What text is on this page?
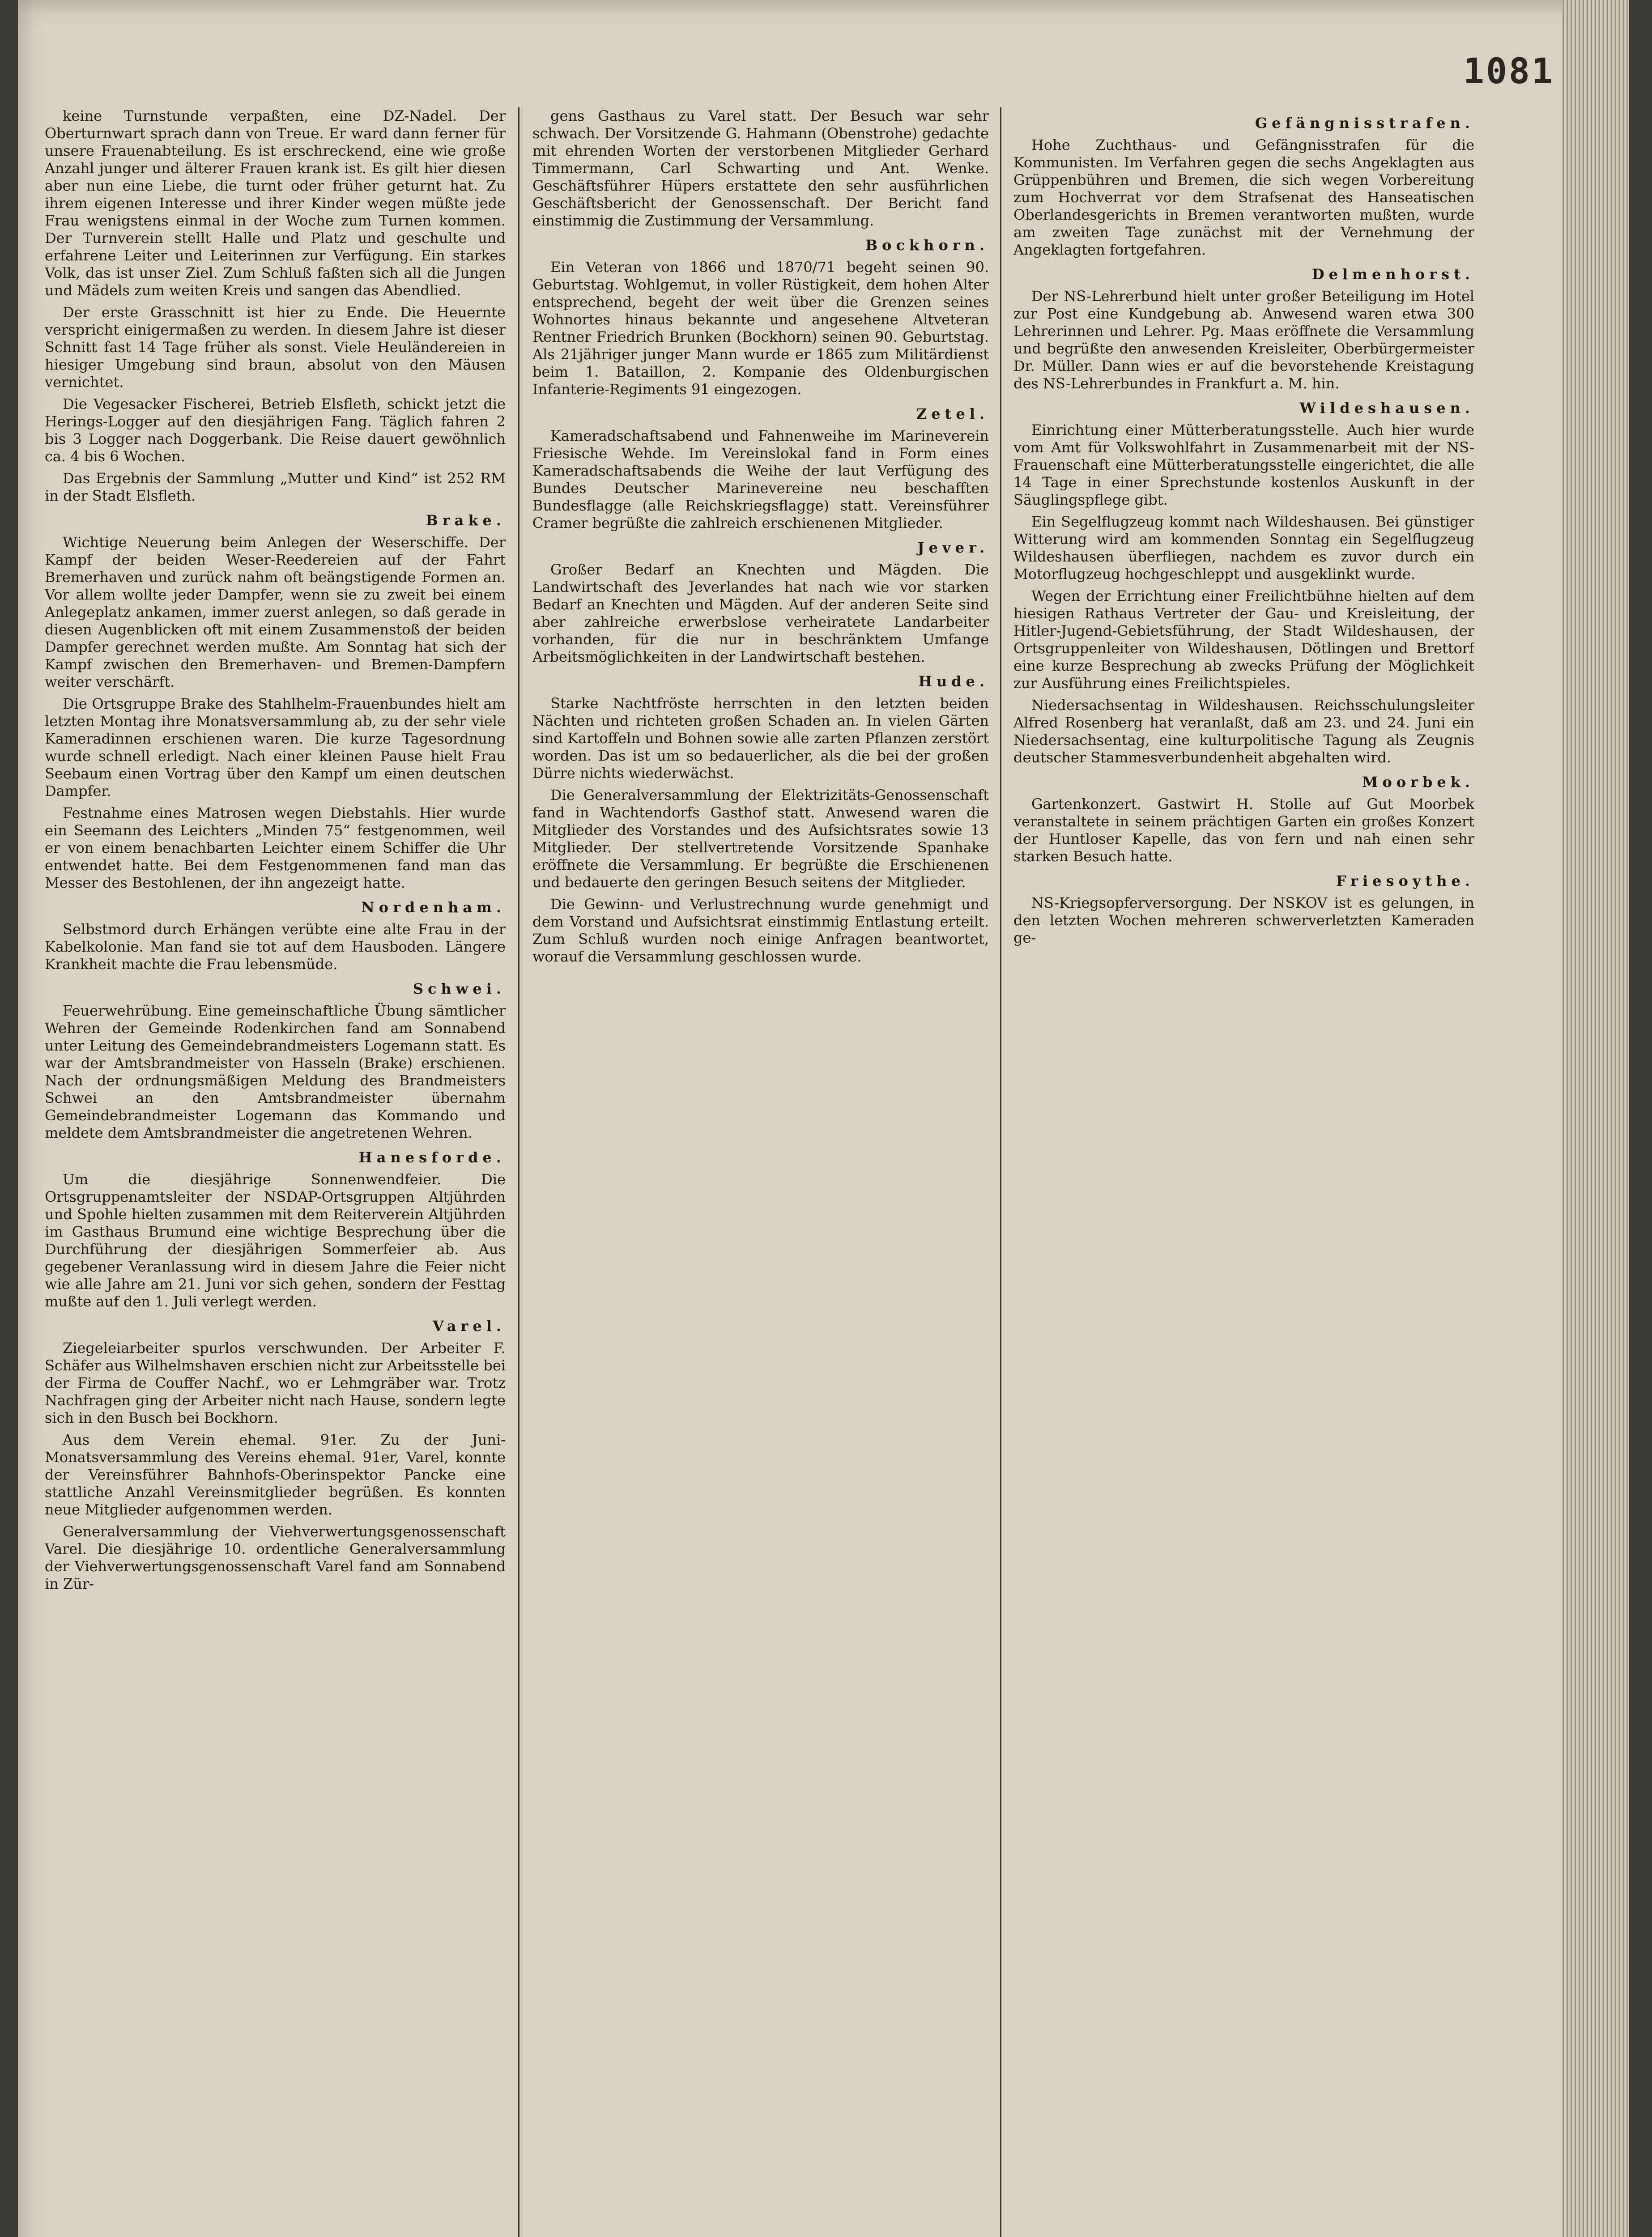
1081

keine Turnstunde verpaßten, eine DZ-Nadel. Der Oberturnwart sprach dann von Treue. Er ward dann ferner für unsere Frauenabteilung. Es ist erschreckend, eine wie große Anzahl junger und älterer Frauen krank ist. Es gilt hier diesen aber nun eine Liebe, die turnt oder früher geturnt hat. Zu ihrem eigenen Interesse und ihrer Kinder wegen müßte jede Frau wenigstens einmal in der Woche zum Turnen kommen. Der Turnverein stellt Halle und Platz und geschulte und erfahrene Leiter und Leiterinnen zur Verfügung. Ein starkes Volk, das ist unser Ziel. Zum Schluß faßten sich all die Jungen und Mädels zum weiten Kreis und sangen das Abendlied.

Der erste Grasschnitt ist hier zu Ende. Die Heuernte verspricht einigermaßen zu werden. In diesem Jahre ist dieser Schnitt fast 14 Tage früher als sonst. Viele Heuländereien in hiesiger Umgebung sind braun, absolut von den Mäusen vernichtet.

Die Vegesacker Fischerei, Betrieb Elsfleth, schickt jetzt die Herings-Logger auf den diesjährigen Fang. Täglich fahren 2 bis 3 Logger nach Doggerbank. Die Reise dauert gewöhnlich ca. 4 bis 6 Wochen.

Das Ergebnis der Sammlung „Mutter und Kind“ ist 252 RM in der Stadt Elsfleth.

Brake.

Wichtige Neuerung beim Anlegen der Weserschiffe. Der Kampf der beiden Weser-Reedereien auf der Fahrt Bremerhaven und zurück nahm oft beängstigende Formen an. Vor allem wollte jeder Dampfer, wenn sie zu zweit bei einem Anlegeplatz ankamen, immer zuerst anlegen, so daß gerade in diesen Augenblicken oft mit einem Zusammenstoß der beiden Dampfer gerechnet werden mußte. Am Sonntag hat sich der Kampf zwischen den Bremerhaven- und Bremen-Dampfern weiter verschärft.

Die Ortsgruppe Brake des Stahlhelm-Frauenbundes hielt am letzten Montag ihre Monatsversammlung ab, zu der sehr viele Kameradinnen erschienen waren. Die kurze Tagesordnung wurde schnell erledigt. Nach einer kleinen Pause hielt Frau Seebaum einen Vortrag über den Kampf um einen deutschen Dampfer.

Festnahme eines Matrosen wegen Diebstahls. Hier wurde ein Seemann des Leichters „Minden 75“ festgenommen, weil er von einem benachbarten Leichter einem Schiffer die Uhr entwendet hatte. Bei dem Festgenommenen fand man das Messer des Bestohlenen, der ihn angezeigt hatte.

Nordenham.

Selbstmord durch Erhängen verübte eine alte Frau in der Kabelkolonie. Man fand sie tot auf dem Hausboden. Längere Krankheit machte die Frau lebensmüde.

Schwei.

Feuerwehrübung. Eine gemeinschaftliche Übung sämtlicher Wehren der Gemeinde Rodenkirchen fand am Sonnabend unter Leitung des Gemeindebrandmeisters Logemann statt. Es war der Amtsbrandmeister von Hasseln (Brake) erschienen. Nach der ordnungsmäßigen Meldung des Brandmeisters Schwei an den Amtsbrandmeister übernahm Gemeindebrandmeister Logemann das Kommando und meldete dem Amtsbrandmeister die angetretenen Wehren.

Hanesforde.

Um die diesjährige Sonnenwendfeier. Die Ortsgruppenamtsleiter der NSDAP-Ortsgruppen Altjührden und Spohle hielten zusammen mit dem Reiterverein Altjührden im Gasthaus Brumund eine wichtige Besprechung über die Durchführung der diesjährigen Sommerfeier ab. Aus gegebener Veranlassung wird in diesem Jahre die Feier nicht wie alle Jahre am 21. Juni vor sich gehen, sondern der Festtag mußte auf den 1. Juli verlegt werden.

Varel.

Ziegeleiarbeiter spurlos verschwunden. Der Arbeiter F. Schäfer aus Wilhelmshaven erschien nicht zur Arbeitsstelle bei der Firma de Couffer Nachf., wo er Lehmgräber war. Trotz Nachfragen ging der Arbeiter nicht nach Hause, sondern legte sich in den Busch bei Bockhorn.

Aus dem Verein ehemal. 91er. Zu der Juni-Monatsversammlung des Vereins ehemal. 91er, Varel, konnte der Vereinsführer Bahnhofs-Oberinspektor Pancke eine stattliche Anzahl Vereinsmitglieder begrüßen. Es konnten neue Mitglieder aufgenommen werden.

Generalversammlung der Viehverwertungsgenossenschaft Varel. Die diesjährige 10. ordentliche Generalversammlung der Viehverwertungsgenossenschaft Varel fand am Sonnabend in Zür-

gens Gasthaus zu Varel statt. Der Besuch war sehr schwach. Der Vorsitzende G. Hahmann (Obenstrohe) gedachte mit ehrenden Worten der verstorbenen Mitglieder Gerhard Timmermann, Carl Schwarting und Ant. Wenke. Geschäftsführer Hüpers erstattete den sehr ausführlichen Geschäftsbericht der Genossenschaft. Der Bericht fand einstimmig die Zustimmung der Versammlung.

Bockhorn.

Ein Veteran von 1866 und 1870/71 begeht seinen 90. Geburtstag. Wohlgemut, in voller Rüstigkeit, dem hohen Alter entsprechend, begeht der weit über die Grenzen seines Wohnortes hinaus bekannte und angesehene Altveteran Rentner Friedrich Brunken (Bockhorn) seinen 90. Geburtstag. Als 21jähriger junger Mann wurde er 1865 zum Militärdienst beim 1. Bataillon, 2. Kompanie des Oldenburgischen Infanterie-Regiments 91 eingezogen.

Zetel.

Kameradschaftsabend und Fahnenweihe im Marineverein Friesische Wehde. Im Vereinslokal fand in Form eines Kameradschaftsabends die Weihe der laut Verfügung des Bundes Deutscher Marinevereine neu beschafften Bundesflagge (alle Reichskriegsflagge) statt. Vereinsführer Cramer begrüßte die zahlreich erschienenen Mitglieder.

Jever.

Großer Bedarf an Knechten und Mägden. Die Landwirtschaft des Jeverlandes hat nach wie vor starken Bedarf an Knechten und Mägden. Auf der anderen Seite sind aber zahlreiche erwerbslose verheiratete Landarbeiter vorhanden, für die nur in beschränktem Umfange Arbeitsmöglichkeiten in der Landwirtschaft bestehen.

Hude.

Starke Nachtfröste herrschten in den letzten beiden Nächten und richteten großen Schaden an. In vielen Gärten sind Kartoffeln und Bohnen sowie alle zarten Pflanzen zerstört worden. Das ist um so bedauerlicher, als die bei der großen Dürre nichts wiederwächst.

Die Generalversammlung der Elektrizitäts-Genossenschaft fand in Wachtendorfs Gasthof statt. Anwesend waren die Mitglieder des Vorstandes und des Aufsichtsrates sowie 13 Mitglieder. Der stellvertretende Vorsitzende Spanhake eröffnete die Versammlung. Er begrüßte die Erschienenen und bedauerte den geringen Besuch seitens der Mitglieder.

Die Gewinn- und Verlustrechnung wurde genehmigt und dem Vorstand und Aufsichtsrat einstimmig Entlastung erteilt. Zum Schluß wurden noch einige Anfragen beantwortet, worauf die Versammlung geschlossen wurde.

Gefängnisstrafen.

Hohe Zuchthaus- und Gefängnisstrafen für die Kommunisten. Im Verfahren gegen die sechs Angeklagten aus Grüppenbühren und Bremen, die sich wegen Vorbereitung zum Hochverrat vor dem Strafsenat des Hanseatischen Oberlandesgerichts in Bremen verantworten mußten, wurde am zweiten Tage zunächst mit der Vernehmung der Angeklagten fortgefahren.

Delmenhorst.

Der NS-Lehrerbund hielt unter großer Beteiligung im Hotel zur Post eine Kundgebung ab. Anwesend waren etwa 300 Lehrerinnen und Lehrer. Pg. Maas eröffnete die Versammlung und begrüßte den anwesenden Kreisleiter, Oberbürgermeister Dr. Müller. Dann wies er auf die bevorstehende Kreistagung des NS-Lehrerbundes in Frankfurt a. M. hin.

Wildeshausen.

Einrichtung einer Mütterberatungsstelle. Auch hier wurde vom Amt für Volkswohlfahrt in Zusammenarbeit mit der NS-Frauenschaft eine Mütterberatungsstelle eingerichtet, die alle 14 Tage in einer Sprechstunde kostenlos Auskunft in der Säuglingspflege gibt.

Ein Segelflugzeug kommt nach Wildeshausen. Bei günstiger Witterung wird am kommenden Sonntag ein Segelflugzeug Wildeshausen überfliegen, nachdem es zuvor durch ein Motorflugzeug hochgeschleppt und ausgeklinkt wurde.

Wegen der Errichtung einer Freilichtbühne hielten auf dem hiesigen Rathaus Vertreter der Gau- und Kreisleitung, der Hitler-Jugend-Gebietsführung, der Stadt Wildeshausen, der Ortsgruppenleiter von Wildeshausen, Dötlingen und Brettorf eine kurze Besprechung ab zwecks Prüfung der Möglichkeit zur Ausführung eines Freilichtspieles.

Niedersachsentag in Wildeshausen. Reichsschulungsleiter Alfred Rosenberg hat veranlaßt, daß am 23. und 24. Juni ein Niedersachsentag, eine kulturpolitische Tagung als Zeugnis deutscher Stammesverbundenheit abgehalten wird.

Moorbek.

Gartenkonzert. Gastwirt H. Stolle auf Gut Moorbek veranstaltete in seinem prächtigen Garten ein großes Konzert der Huntloser Kapelle, das von fern und nah einen sehr starken Besuch hatte.

Friesoythe.

NS-Kriegsopferversorgung. Der NSKOV ist es gelungen, in den letzten Wochen mehreren schwerverletzten Kameraden ge-
